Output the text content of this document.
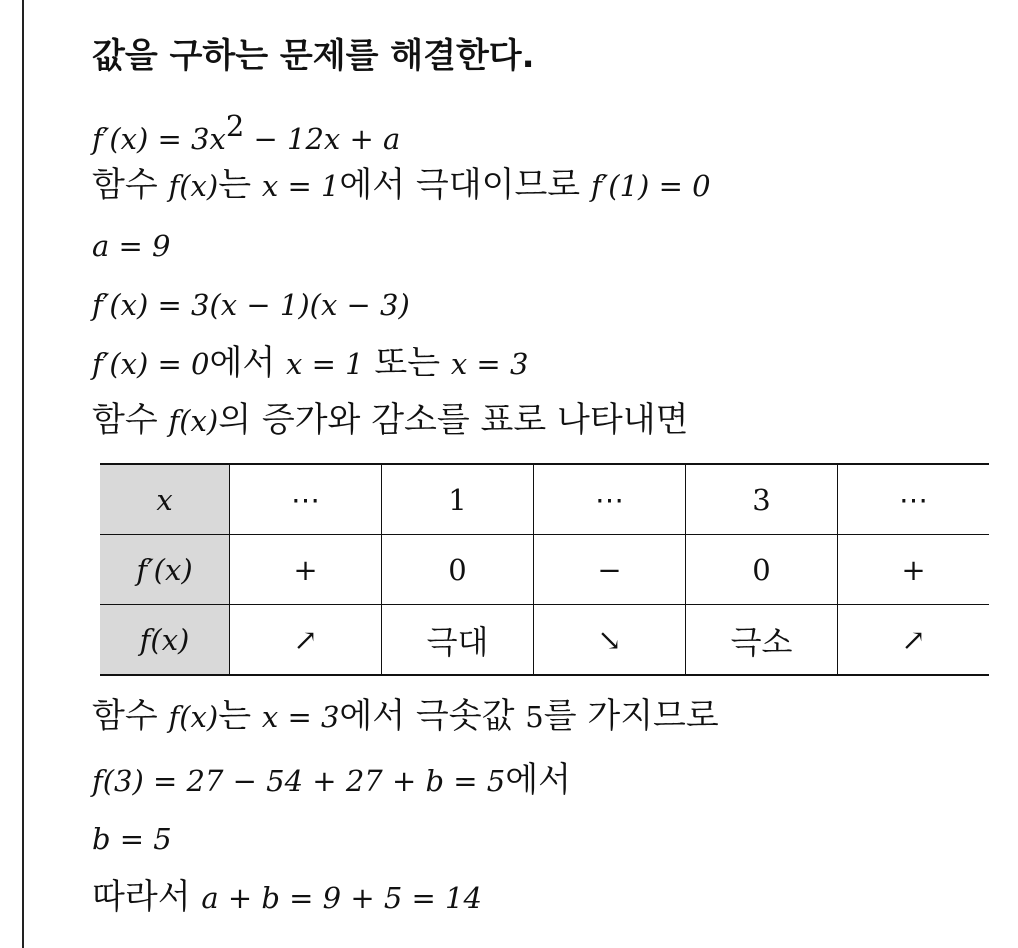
값을 구하는 문제를 해결한다.
$f'(x) = 3x^2 - 12x + a$
함수 f(x)는 x = 1에서 극대이므로 f′(1) = 0
a = 9
f′(x) = 3(x − 1)(x − 3)
f′(x) = 0에서 x = 1 또는 x = 3
함수 f(x)의 증가와 감소를 표로 나타내면
x	⋯	1	⋯	3	⋯
f′(x)	+	0	−	0	+
f(x)	↗	극대	↘	극소	↗
함수 f(x)는 x = 3에서 극솟값 5를 가지므로
f(3) = 27 − 54 + 27 + b = 5에서
b = 5
따라서 a + b = 9 + 5 = 14
